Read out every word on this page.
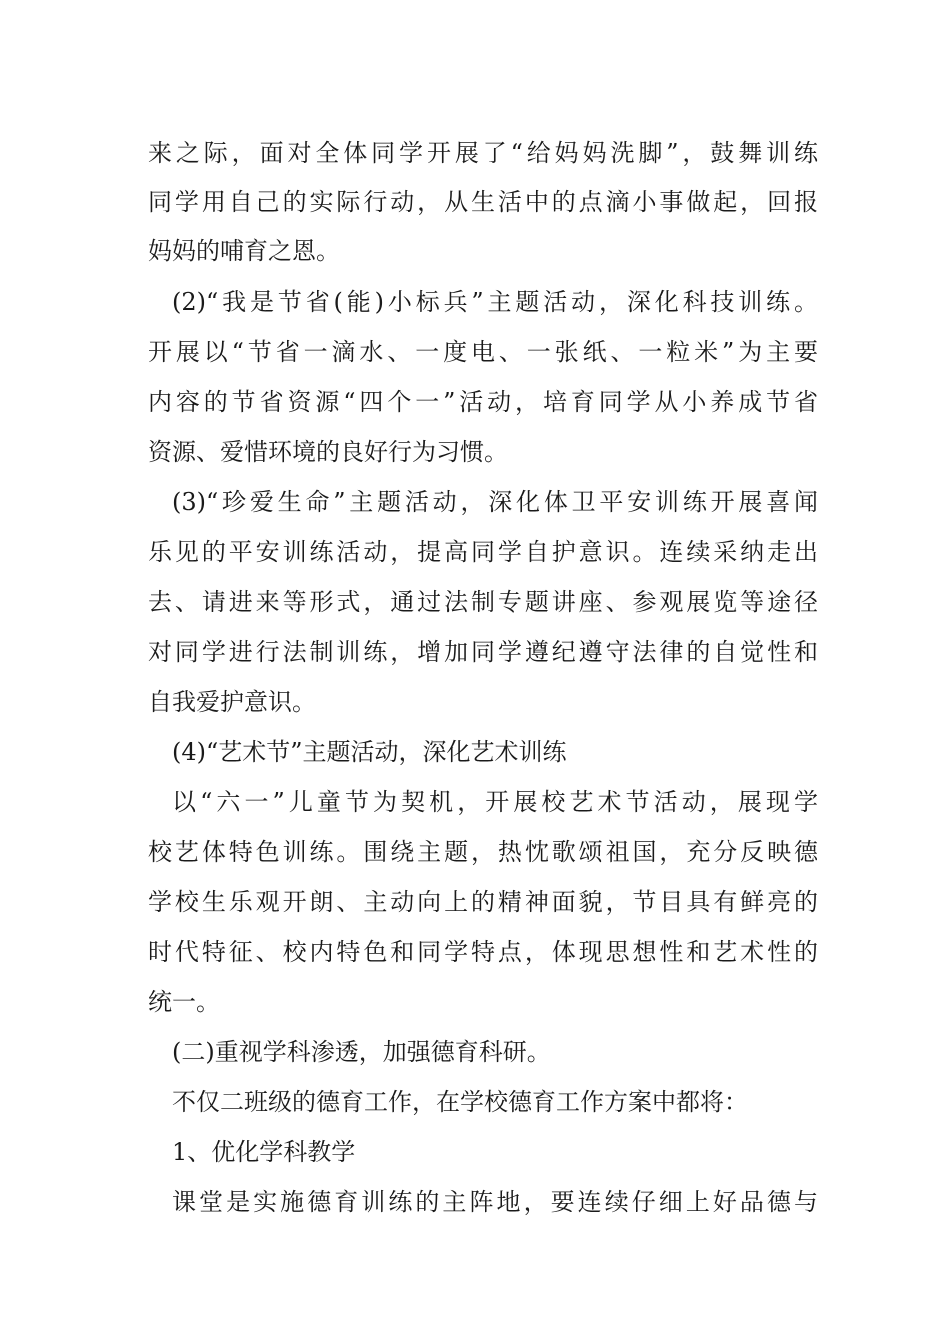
来之际，面对全体同学开展了“给妈妈洗脚”，鼓舞训练
同学用自己的实际行动，从生活中的点滴小事做起，回报
妈妈的哺育之恩。
(2)“我是节省(能)小标兵”主题活动，深化科技训练。
开展以“节省一滴水、一度电、一张纸、一粒米”为主要
内容的节省资源“四个一”活动，培育同学从小养成节省
资源、爱惜环境的良好行为习惯。
(3)“珍爱生命”主题活动，深化体卫平安训练开展喜闻
乐见的平安训练活动，提高同学自护意识。连续采纳走出
去、请进来等形式，通过法制专题讲座、参观展览等途径
对同学进行法制训练，增加同学遵纪遵守法律的自觉性和
自我爱护意识。
(4)“艺术节”主题活动，深化艺术训练
以“六一”儿童节为契机，开展校艺术节活动，展现学
校艺体特色训练。围绕主题，热忱歌颂祖国，充分反映德
学校生乐观开朗、主动向上的精神面貌，节目具有鲜亮的
时代特征、校内特色和同学特点，体现思想性和艺术性的
统一。
(二)重视学科渗透，加强德育科研。
不仅二班级的德育工作，在学校德育工作方案中都将：
1、优化学科教学
课堂是实施德育训练的主阵地，要连续仔细上好品德与
